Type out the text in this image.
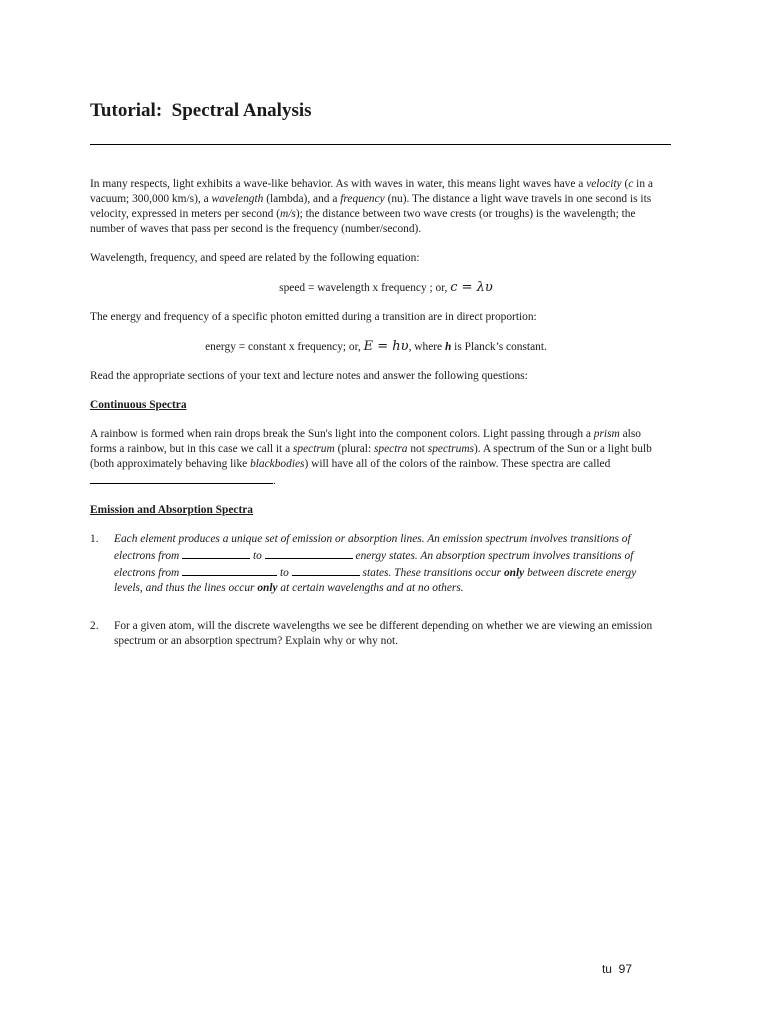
Tutorial:  Spectral Analysis

In many respects, light exhibits a wave-like behavior. As with waves in water, this means light waves have a velocity (c in a vacuum; 300,000 km/s), a wavelength (lambda), and a frequency (nu). The distance a light wave travels in one second is its velocity, expressed in meters per second (m/s); the distance between two wave crests (or troughs) is the wavelength; the number of waves that pass per second is the frequency (number/second).

Wavelength, frequency, and speed are related by the following equation:

speed = wavelength x frequency ; or, c = λυ

The energy and frequency of a specific photon emitted during a transition are in direct proportion:

energy = constant x frequency; or, E = hυ, where h is Planck’s constant.

Read the appropriate sections of your text and lecture notes and answer the following questions:

Continuous Spectra

A rainbow is formed when rain drops break the Sun's light into the component colors. Light passing through a prism also forms a rainbow, but in this case we call it a spectrum (plural: spectra not spectrums). A spectrum of the Sun or a light bulb (both approximately behaving like blackbodies) will have all of the colors of the rainbow. These spectra are called .

Emission and Absorption Spectra

1.	Each element produces a unique set of emission or absorption lines. An emission spectrum involves transitions of electrons from	to	energy states. An absorption spectrum involves transitions of electrons from	to	states. These transitions occur only between discrete energy levels, and thus the lines occur only at certain wavelengths and at no others.
2.	For a given atom, will the discrete wavelengths we see be different depending on whether we are viewing an emission spectrum or an absorption spectrum? Explain why or why not.
tu  97
